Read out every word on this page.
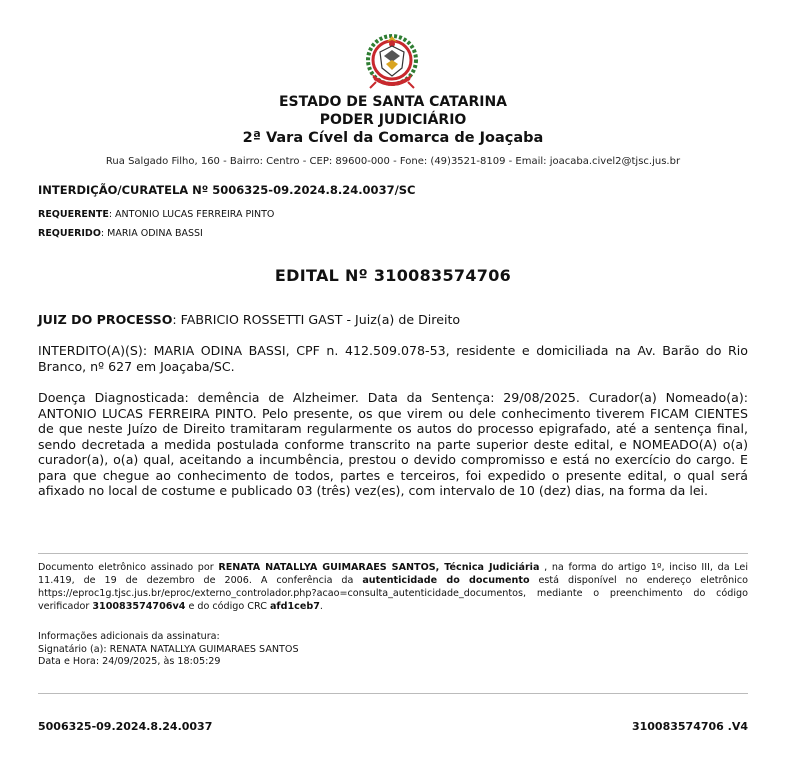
ESTADO DE SANTA CATARINA
PODER JUDICIÁRIO
2ª Vara Cível da Comarca de Joaçaba
Rua Salgado Filho, 160 - Bairro: Centro - CEP: 89600-000 - Fone: (49)3521-8109 - Email: joacaba.civel2@tjsc.jus.br
INTERDIÇÃO/CURATELA Nº 5006325-09.2024.8.24.0037/SC
REQUERENTE: ANTONIO LUCAS FERREIRA PINTO
REQUERIDO: MARIA ODINA BASSI
EDITAL Nº 310083574706
JUIZ DO PROCESSO: FABRICIO ROSSETTI GAST - Juiz(a) de Direito
INTERDITO(A)(S): MARIA ODINA BASSI, CPF n. 412.509.078-53, residente e domiciliada na Av. Barão do Rio Branco, nº 627 em Joaçaba/SC.
Doença Diagnosticada: demência de Alzheimer. Data da Sentença: 29/08/2025. Curador(a) Nomeado(a): ANTONIO LUCAS FERREIRA PINTO. Pelo presente, os que virem ou dele conhecimento tiverem FICAM CIENTES de que neste Juízo de Direito tramitaram regularmente os autos do processo epigrafado, até a sentença final, sendo decretada a medida postulada conforme transcrito na parte superior deste edital, e NOMEADO(A) o(a) curador(a), o(a) qual, aceitando a incumbência, prestou o devido compromisso e está no exercício do cargo. E para que chegue ao conhecimento de todos, partes e terceiros, foi expedido o presente edital, o qual será afixado no local de costume e publicado 03 (três) vez(es), com intervalo de 10 (dez) dias, na forma da lei.
Documento eletrônico assinado por RENATA NATALLYA GUIMARAES SANTOS, Técnica Judiciária , na forma do artigo 1º, inciso III, da Lei 11.419, de 19 de dezembro de 2006. A conferência da autenticidade do documento está disponível no endereço eletrônico https://eproc1g.tjsc.jus.br/eproc/externo_controlador.php?acao=consulta_autenticidade_documentos, mediante o preenchimento do código verificador 310083574706v4 e do código CRC afd1ceb7.
Informações adicionais da assinatura:
Signatário (a): RENATA NATALLYA GUIMARAES SANTOS
Data e Hora: 24/09/2025, às 18:05:29
5006325-09.2024.8.24.0037	310083574706 .V4
